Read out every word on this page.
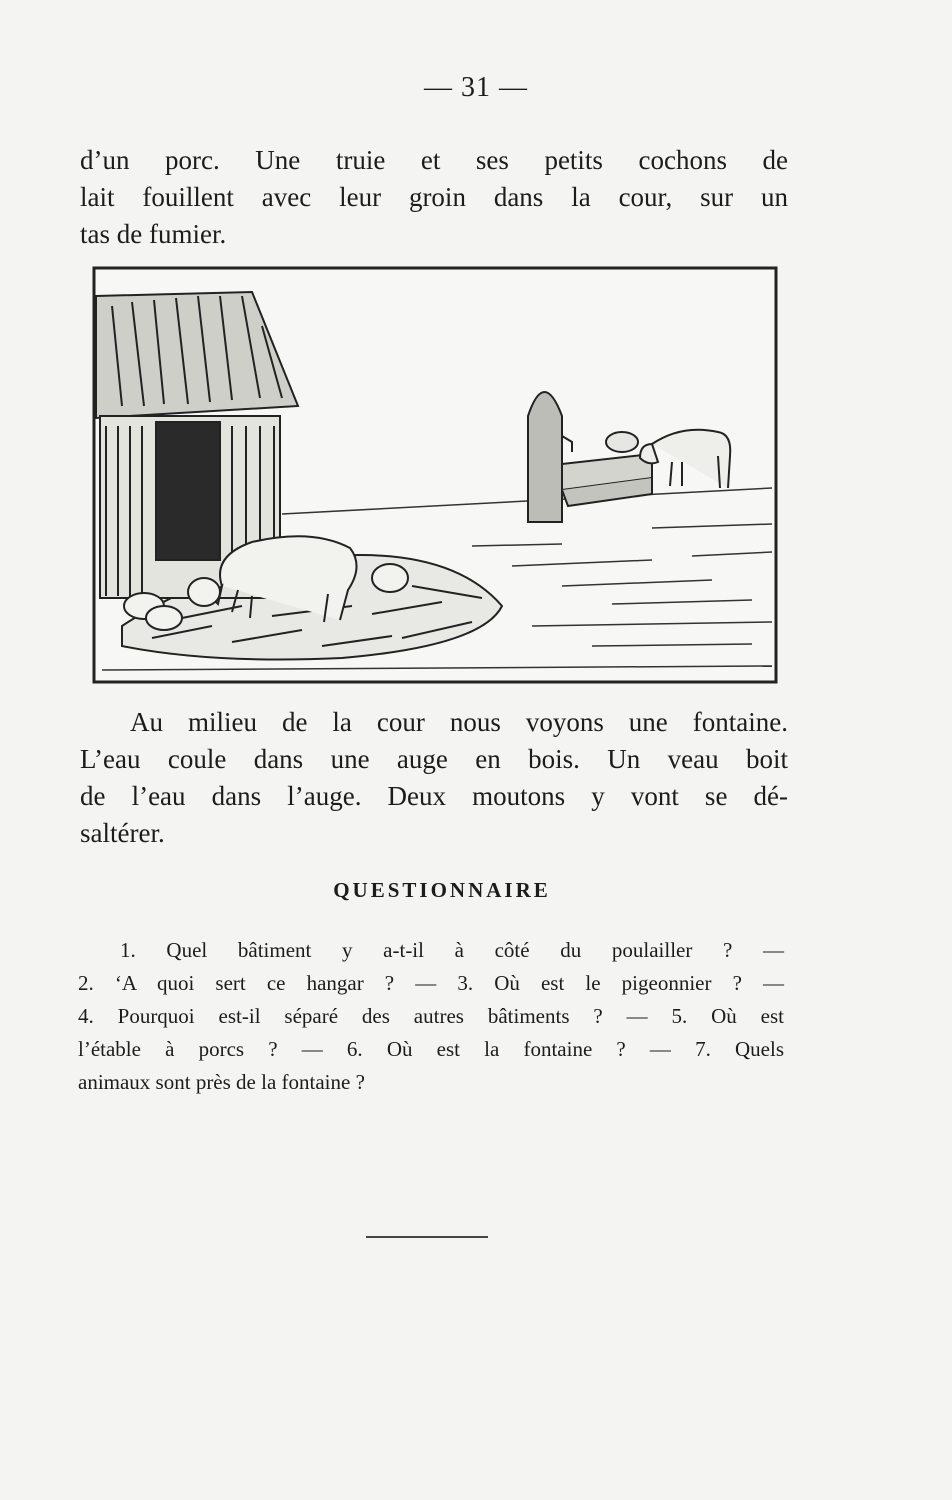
— 31 —

d’un porc. Une truie et ses petits cochons de
lait fouillent avec leur groin dans la cour, sur un
tas de fumier.

Au milieu de la cour nous voyons une fontaine.
L’eau coule dans une auge en bois. Un veau boit
de l’eau dans l’auge. Deux moutons y vont se dé-
saltérer.

QUESTIONNAIRE
1. Quel bâtiment y a-t-il à côté du poulailler ? —
2. ‘A quoi sert ce hangar ? — 3. Où est le pigeonnier ? —
4. Pourquoi est-il séparé des autres bâtiments ? — 5. Où est
l’étable à porcs ? — 6. Où est la fontaine ? — 7. Quels
animaux sont près de la fontaine ?
